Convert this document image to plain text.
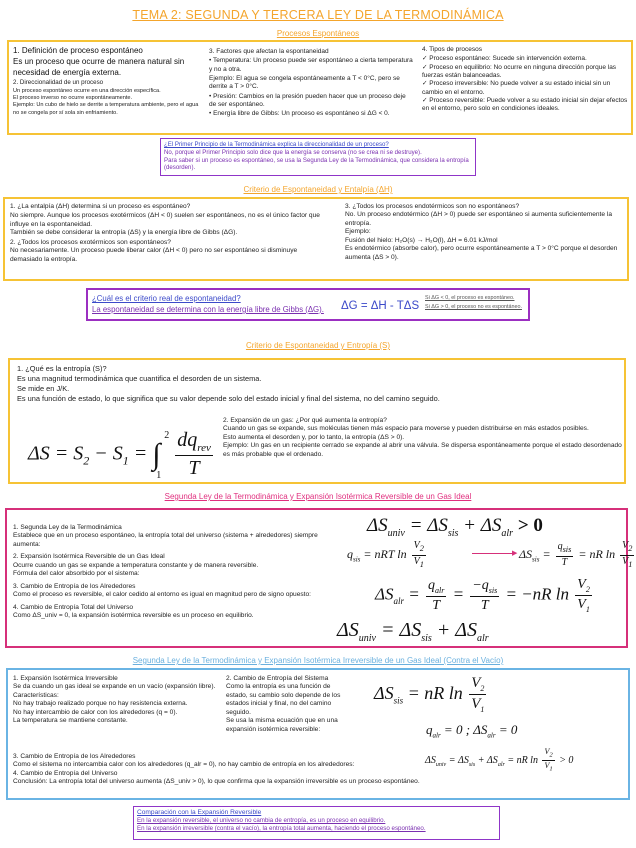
TEMA 2: SEGUNDA Y TERCERA LEY DE LA TERMODINÁMICA
Procesos Espontáneos
1. Definición de proceso espontáneo
Es un proceso que ocurre de manera natural sin necesidad de energía externa.
2. Direccionalidad de un proceso
Un proceso espontáneo ocurre en una dirección específica.
El proceso inverso no ocurre espontáneamente.
Ejemplo: Un cubo de hielo se derrite a temperatura ambiente, pero el agua no se congela por sí sola sin enfriamiento.
3. Factores que afectan la espontaneidad
• Temperatura: Un proceso puede ser espontáneo a cierta temperatura y no a otra.
Ejemplo: El agua se congela espontáneamente a T < 0°C, pero se derrite a T > 0°C.
• Presión: Cambios en la presión pueden hacer que un proceso deje de ser espontáneo.
• Energía libre de Gibbs: Un proceso es espontáneo si ΔG < 0.
4. Tipos de procesos
✓ Proceso espontáneo: Sucede sin intervención externa.
✓ Proceso en equilibrio: No ocurre en ninguna dirección porque las fuerzas están balanceadas.
✓ Proceso irreversible: No puede volver a su estado inicial sin un cambio en el entorno.
✓ Proceso reversible: Puede volver a su estado inicial sin dejar efectos en el entorno, pero solo en condiciones ideales.
¿El Primer Principio de la Termodinámica explica la direccionalidad de un proceso?
No, porque el Primer Principio solo dice que la energía se conserva (no se crea ni se destruye).
Para saber si un proceso es espontáneo, se usa la Segunda Ley de la Termodinámica, que considera la entropía (desorden).
Criterio de Espontaneidad y Entalpía (ΔH)
1. ¿La entalpía (ΔH) determina si un proceso es espontáneo?
No siempre. Aunque los procesos exotérmicos (ΔH < 0) suelen ser espontáneos, no es el único factor que influye en la espontaneidad.
También se debe considerar la entropía (ΔS) y la energía libre de Gibbs (ΔG).
2. ¿Todos los procesos exotérmicos son espontáneos?
No necesariamente. Un proceso puede liberar calor (ΔH < 0) pero no ser espontáneo si disminuye demasiado la entropía.
3. ¿Todos los procesos endotérmicos son no espontáneos?
No. Un proceso endotérmico (ΔH > 0) puede ser espontáneo si aumenta suficientemente la entropía.
Ejemplo:
Fusión del hielo: H₂O(s) → H₂O(l), ΔH = 6.01 kJ/mol
Es endotérmico (absorbe calor), pero ocurre espontáneamente a T > 0°C porque el desorden aumenta (ΔS > 0).
¿Cuál es el criterio real de espontaneidad?
La espontaneidad se determina con la energía libre de Gibbs (ΔG). ΔG = ΔH - TΔS
Si ΔG < 0, el proceso es espontáneo.
Si ΔG > 0, el proceso no es espontáneo.
Criterio de Espontaneidad y Entropía (S)
1. ¿Qué es la entropía (S)?
Es una magnitud termodinámica que cuantifica el desorden de un sistema.
Se mide en J/K.
Es una función de estado, lo que significa que su valor depende solo del estado inicial y final del sistema, no del camino seguido.
$\Delta S = S_2 - S_1$ = ∫
2
1
$\frac{dq_{rev}}{T}$
2. Expansión de un gas: ¿Por qué aumenta la entropía?
Cuando un gas se expande, sus moléculas tienen más espacio para moverse y pueden distribuirse en más estados posibles.
Esto aumenta el desorden y, por lo tanto, la entropía (ΔS > 0).
Ejemplo: Un gas en un recipiente cerrado se expande al abrir una válvula. Se dispersa espontáneamente porque el estado desordenado es más probable que el ordenado.
Segunda Ley de la Termodinámica y Expansión Isotérmica Reversible de un Gas Ideal
1. Segunda Ley de la Termodinámica
Establece que en un proceso espontáneo, la entropía total del universo (sistema + alrededores) siempre aumenta:
2. Expansión Isotérmica Reversible de un Gas Ideal
Ocurre cuando un gas se expande a temperatura constante y de manera reversible.
Fórmula del calor absorbido por el sistema:
3. Cambio de Entropía de los Alrededores
Como el proceso es reversible, el calor cedido al entorno es igual en magnitud pero de signo opuesto:
4. Cambio de Entropía Total del Universo
Como ΔS_univ = 0, la expansión isotérmica reversible es un proceso en equilibrio.
$\Delta S_{univ} = \Delta S_{sis} + \Delta S_{alr} > 0$
$q_{sis}$ = nRT $\ln \frac{V_2}{V_1}$	▶ $\Delta S_{sis} = \frac{q_{sis}}{T}$ = nR $\ln \frac{V_2}{V_1}$
$\Delta S_{alr} = \frac{q_{alr}}{T} = \frac{-q_{sis}}{T} = -nR$ $\ln \frac{V_2}{V_1}$
$\Delta S_{univ} = \Delta S_{sis} + \Delta S_{alr}$
Segunda Ley de la Termodinámica y Expansión Isotérmica Irreversible de un Gas Ideal (Contra el Vacío)
1. Expansión Isotérmica Irreversible
Se da cuando un gas ideal se expande en un vacío (expansión libre).
Características:
No hay trabajo realizado porque no hay resistencia externa.
No hay intercambio de calor con los alrededores (q = 0).
La temperatura se mantiene constante.
2. Cambio de Entropía del Sistema
Como la entropía es una función de estado, su cambio solo depende de los estados inicial y final, no del camino seguido.
Se usa la misma ecuación que en una expansión isotérmica reversible:
3. Cambio de Entropía de los Alrededores
Como el sistema no intercambia calor con los alrededores (q_alr = 0), no hay cambio de entropía en los alrededores:
4. Cambio de Entropía del Universo
Conclusión: La entropía total del universo aumenta (ΔS_univ > 0), lo que confirma que la expansión irreversible es un proceso espontáneo.
$\Delta S_{sis}$ = nR $\ln \frac{V_2}{V_1}$
$q_{alr} = 0$ ; $\Delta S_{alr} = 0$
$\Delta S_{univ} = \Delta S_{sis} + \Delta S_{alr}$ = nR $\ln \frac{V_2}{V_1} > 0$
Comparación con la Expansión Reversible
En la expansión reversible, el universo no cambia de entropía, es un proceso en equilibrio.
En la expansión irreversible (contra el vacío), la entropía total aumenta, haciendo el proceso espontáneo.
